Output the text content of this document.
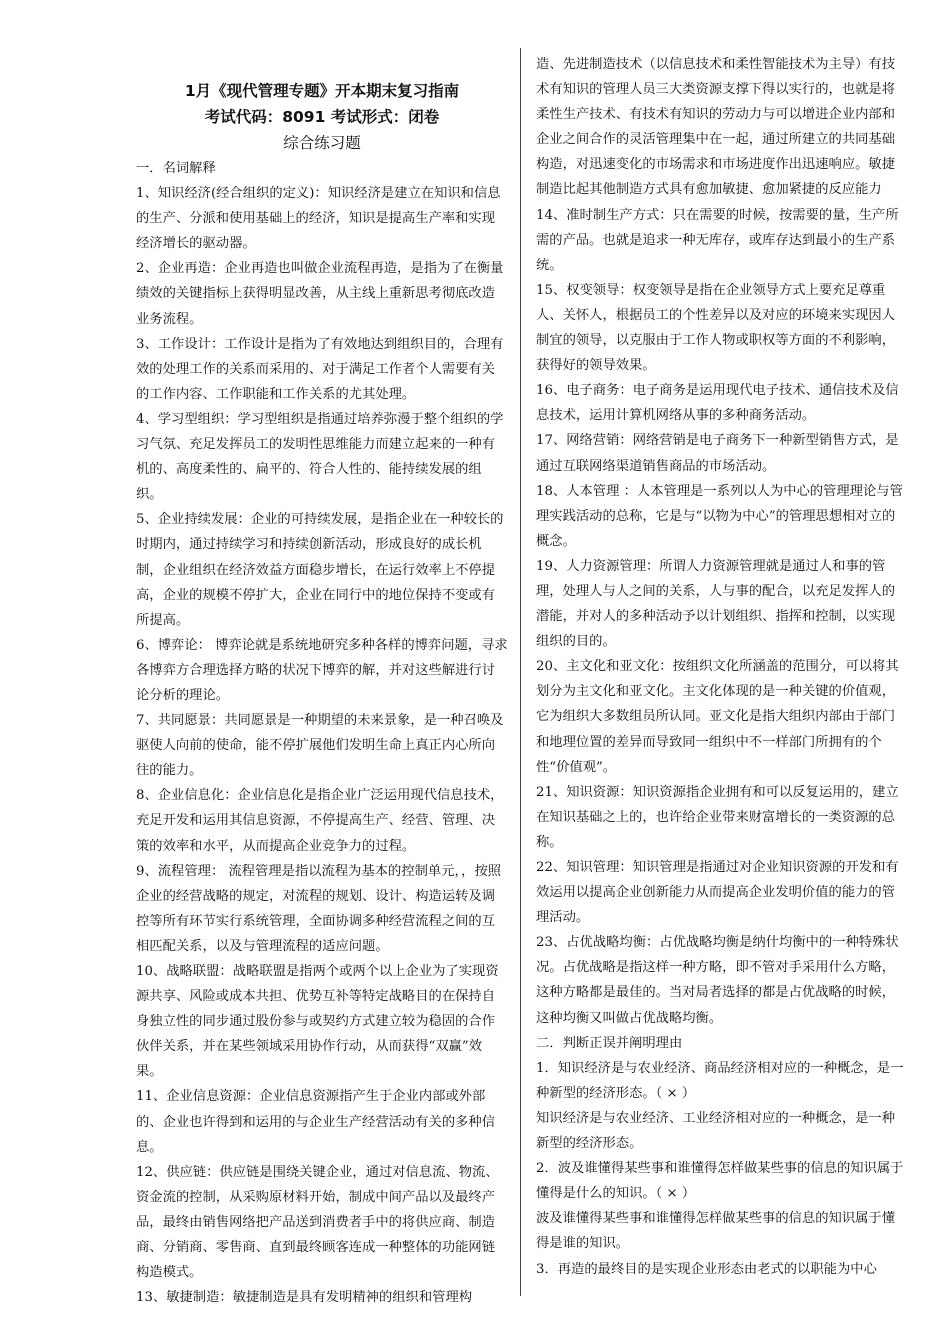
1月《现代管理专题》开本期末复习指南

考试代码：8091 考试形式：闭卷

综合练习题

一．名词解释

1、知识经济(经合组织的定义)：知识经济是建立在知识和信息的生产、分派和使用基础上的经济，知识是提高生产率和实现经济增长的驱动器。

2、企业再造：企业再造也叫做企业流程再造，是指为了在衡量绩效的关键指标上获得明显改善，从主线上重新思考彻底改造业务流程。

3、工作设计：工作设计是指为了有效地达到组织目的，合理有效的处理工作的关系而采用的、对于满足工作者个人需要有关的工作内容、工作职能和工作关系的尤其处理。

4、学习型组织：学习型组织是指通过培养弥漫于整个组织的学习气氛、充足发挥员工的发明性思维能力而建立起来的一种有机的、高度柔性的、扁平的、符合人性的、能持续发展的组织。

5、企业持续发展：企业的可持续发展，是指企业在一种较长的时期内，通过持续学习和持续创新活动，形成良好的成长机制，企业组织在经济效益方面稳步增长，在运行效率上不停提高，企业的规模不停扩大，企业在同行中的地位保持不变或有所提高。

6、博弈论： 博弈论就是系统地研究多种各样的博弈问题，寻求各博弈方合理选择方略的状况下博弈的解，并对这些解进行讨论分析的理论。

7、共同愿景：共同愿景是一种期望的未来景象，是一种召唤及驱使人向前的使命，能不停扩展他们发明生命上真正内心所向往的能力。

8、企业信息化：企业信息化是指企业广泛运用现代信息技术，充足开发和运用其信息资源，不停提高生产、经营、管理、决策的效率和水平，从而提高企业竞争力的过程。

9、流程管理： 流程管理是指以流程为基本的控制单元，，按照企业的经营战略的规定，对流程的规划、设计、构造运转及调控等所有环节实行系统管理，全面协调多种经营流程之间的互相匹配关系，以及与管理流程的适应问题。

10、战略联盟：战略联盟是指两个或两个以上企业为了实现资源共享、风险或成本共担、优势互补等特定战略目的在保持自身独立性的同步通过股份参与或契约方式建立较为稳固的合作伙伴关系，并在某些领域采用协作行动，从而获得“双赢”效果。

11、企业信息资源：企业信息资源指产生于企业内部或外部的、企业也许得到和运用的与企业生产经营活动有关的多种信息。

12、供应链：供应链是围绕关键企业，通过对信息流、物流、资金流的控制，从采购原材料开始，制成中间产品以及最终产品，最终由销售网络把产品送到消费者手中的将供应商、制造商、分销商、零售商、直到最终顾客连成一种整体的功能网链构造模式。

13、敏捷制造：敏捷制造是具有发明精神的组织和管理构

造、先进制造技术（以信息技术和柔性智能技术为主导）有技术有知识的管理人员三大类资源支撑下得以实行的，也就是将柔性生产技术、有技术有知识的劳动力与可以增进企业内部和企业之间合作的灵活管理集中在一起，通过所建立的共同基础构造，对迅速变化的市场需求和市场进度作出迅速响应。敏捷制造比起其他制造方式具有愈加敏捷、愈加紧捷的反应能力

14、准时制生产方式：只在需要的时候，按需要的量，生产所需的产品。也就是追求一种无库存，或库存达到最小的生产系统。

15、权变领导：权变领导是指在企业领导方式上要充足尊重人、关怀人，根据员工的个性差异以及对应的环境来实现因人制宜的领导，以克服由于工作人物或职权等方面的不利影响，获得好的领导效果。

16、电子商务：电子商务是运用现代电子技术、通信技术及信息技术，运用计算机网络从事的多种商务活动。

17、网络营销：网络营销是电子商务下一种新型销售方式，是通过互联网络渠道销售商品的市场活动。

18、人本管理 ：人本管理是一系列以人为中心的管理理论与管理实践活动的总称，它是与“以物为中心”的管理思想相对立的概念。

19、人力资源管理：所谓人力资源管理就是通过人和事的管理，处理人与人之间的关系，人与事的配合，以充足发挥人的潜能，并对人的多种活动予以计划组织、指挥和控制，以实现组织的目的。

20、主文化和亚文化：按组织文化所涵盖的范围分，可以将其划分为主文化和亚文化。主文化体现的是一种关键的价值观，它为组织大多数组员所认同。亚文化是指大组织内部由于部门和地理位置的差异而导致同一组织中不一样部门所拥有的个性“价值观”。

21、知识资源：知识资源指企业拥有和可以反复运用的，建立在知识基础之上的，也许给企业带来财富增长的一类资源的总称。

22、知识管理：知识管理是指通过对企业知识资源的开发和有效运用以提高企业创新能力从而提高企业发明价值的能力的管理活动。

23、占优战略均衡：占优战略均衡是纳什均衡中的一种特殊状况。占优战略是指这样一种方略，即不管对手采用什么方略，这种方略都是最佳的。当对局者选择的都是占优战略的时候，这种均衡又叫做占优战略均衡。

二．判断正误并阐明理由

1．知识经济是与农业经济、商品经济相对应的一种概念，是一种新型的经济形态。（ × ）

知识经济是与农业经济、工业经济相对应的一种概念，是一种新型的经济形态。

2．波及谁懂得某些事和谁懂得怎样做某些事的信息的知识属于懂得是什么的知识。（ × ）

波及谁懂得某些事和谁懂得怎样做某些事的信息的知识属于懂得是谁的知识。

3．再造的最终目的是实现企业形态由老式的以职能为中心
